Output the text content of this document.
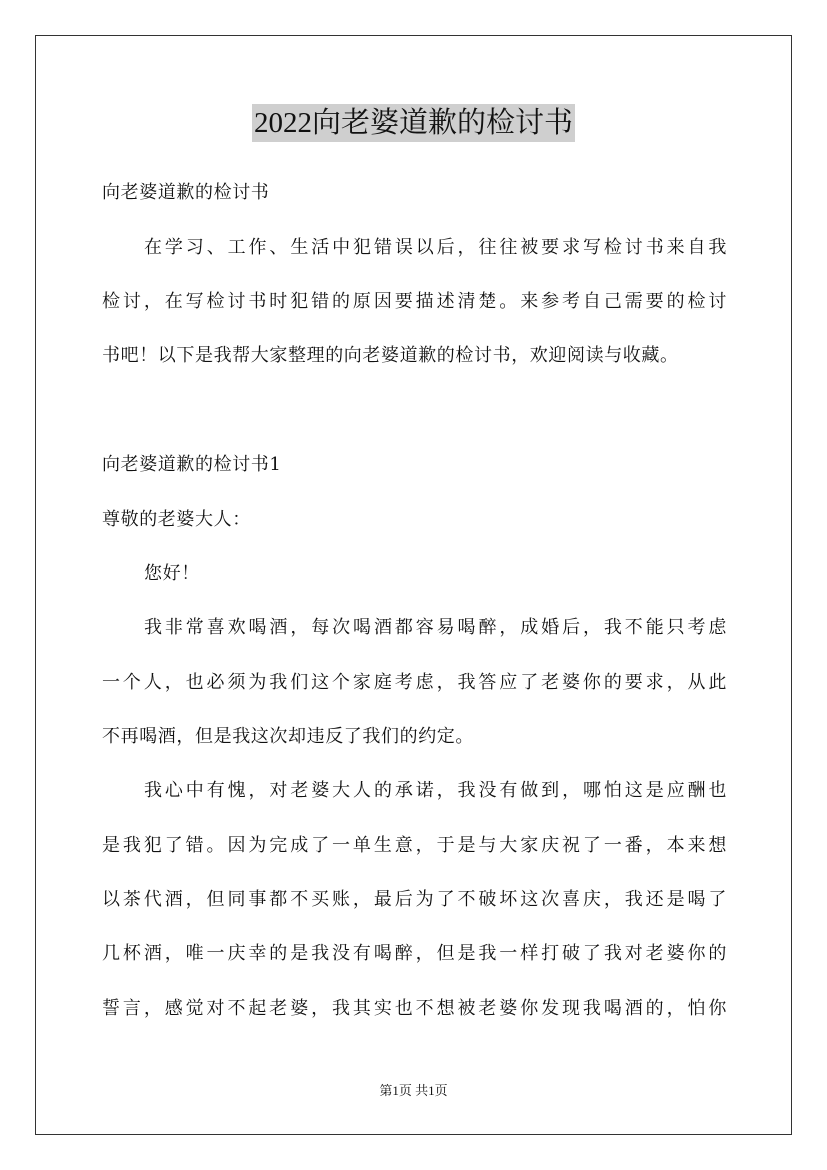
2022向老婆道歉的检讨书
向老婆道歉的检讨书
在学习、工作、生活中犯错误以后，往往被要求写检讨书来自我
检讨，在写检讨书时犯错的原因要描述清楚。来参考自己需要的检讨
书吧！以下是我帮大家整理的向老婆道歉的检讨书，欢迎阅读与收藏。
向老婆道歉的检讨书1
尊敬的老婆大人：
您好！
我非常喜欢喝酒，每次喝酒都容易喝醉，成婚后，我不能只考虑
一个人，也必须为我们这个家庭考虑，我答应了老婆你的要求，从此
不再喝酒，但是我这次却违反了我们的约定。
我心中有愧，对老婆大人的承诺，我没有做到，哪怕这是应酬也
是我犯了错。因为完成了一单生意，于是与大家庆祝了一番，本来想
以茶代酒，但同事都不买账，最后为了不破坏这次喜庆，我还是喝了
几杯酒，唯一庆幸的是我没有喝醉，但是我一样打破了我对老婆你的
誓言，感觉对不起老婆，我其实也不想被老婆你发现我喝酒的，怕你
第1页 共1页
